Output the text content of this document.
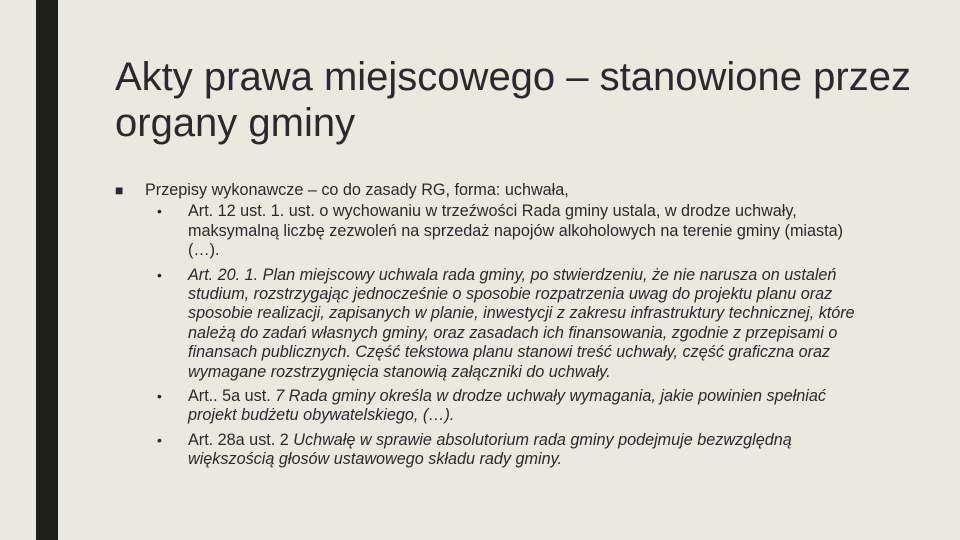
Akty prawa miejscowego – stanowione przez organy gminy
■ Przepisy wykonawcze – co do zasady RG, forma: uchwała,
• Art. 12 ust. 1. ust. o wychowaniu w trzeźwości Rada gminy ustala, w drodze uchwały, maksymalną liczbę zezwoleń na sprzedaż napojów alkoholowych na terenie gminy (miasta) (…).
• Art. 20. 1. Plan miejscowy uchwala rada gminy, po stwierdzeniu, że nie narusza on ustaleń studium, rozstrzygając jednocześnie o sposobie rozpatrzenia uwag do projektu planu oraz sposobie realizacji, zapisanych w planie, inwestycji z zakresu infrastruktury technicznej, które należą do zadań własnych gminy, oraz zasadach ich finansowania, zgodnie z przepisami o finansach publicznych. Część tekstowa planu stanowi treść uchwały, część graficzna oraz wymagane rozstrzygnięcia stanowią załączniki do uchwały.
• Art.. 5a ust. 7 Rada gminy określa w drodze uchwały wymagania, jakie powinien spełniać projekt budżetu obywatelskiego, (…).
• Art. 28a ust. 2 Uchwałę w sprawie absolutorium rada gminy podejmuje bezwzględną większością głosów ustawowego składu rady gminy.
